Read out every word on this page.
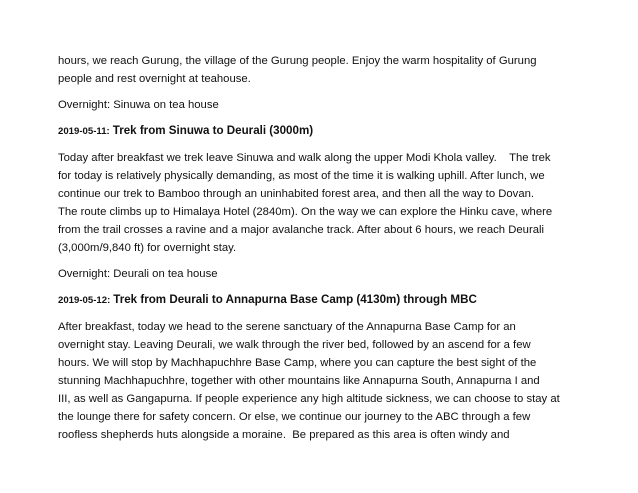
hours, we reach Gurung, the village of the Gurung people. Enjoy the warm hospitality of Gurung
people and rest overnight at teahouse.

Overnight: Sinuwa on tea house

2019-05-11: Trek from Sinuwa to Deurali (3000m)

Today after breakfast we trek leave Sinuwa and walk along the upper Modi Khola valley.    The trek
for today is relatively physically demanding, as most of the time it is walking uphill. After lunch, we
continue our trek to Bamboo through an uninhabited forest area, and then all the way to Dovan.
The route climbs up to Himalaya Hotel (2840m). On the way we can explore the Hinku cave, where
from the trail crosses a ravine and a major avalanche track. After about 6 hours, we reach Deurali
(3,000m/9,840 ft) for overnight stay.

Overnight: Deurali on tea house

2019-05-12: Trek from Deurali to Annapurna Base Camp (4130m) through MBC

After breakfast, today we head to the serene sanctuary of the Annapurna Base Camp for an
overnight stay. Leaving Deurali, we walk through the river bed, followed by an ascend for a few
hours. We will stop by Machhapuchhre Base Camp, where you can capture the best sight of the
stunning Machhapuchhre, together with other mountains like Annapurna South, Annapurna I and
III, as well as Gangapurna. If people experience any high altitude sickness, we can choose to stay at
the lounge there for safety concern. Or else, we continue our journey to the ABC through a few
roofless shepherds huts alongside a moraine.  Be prepared as this area is often windy and
